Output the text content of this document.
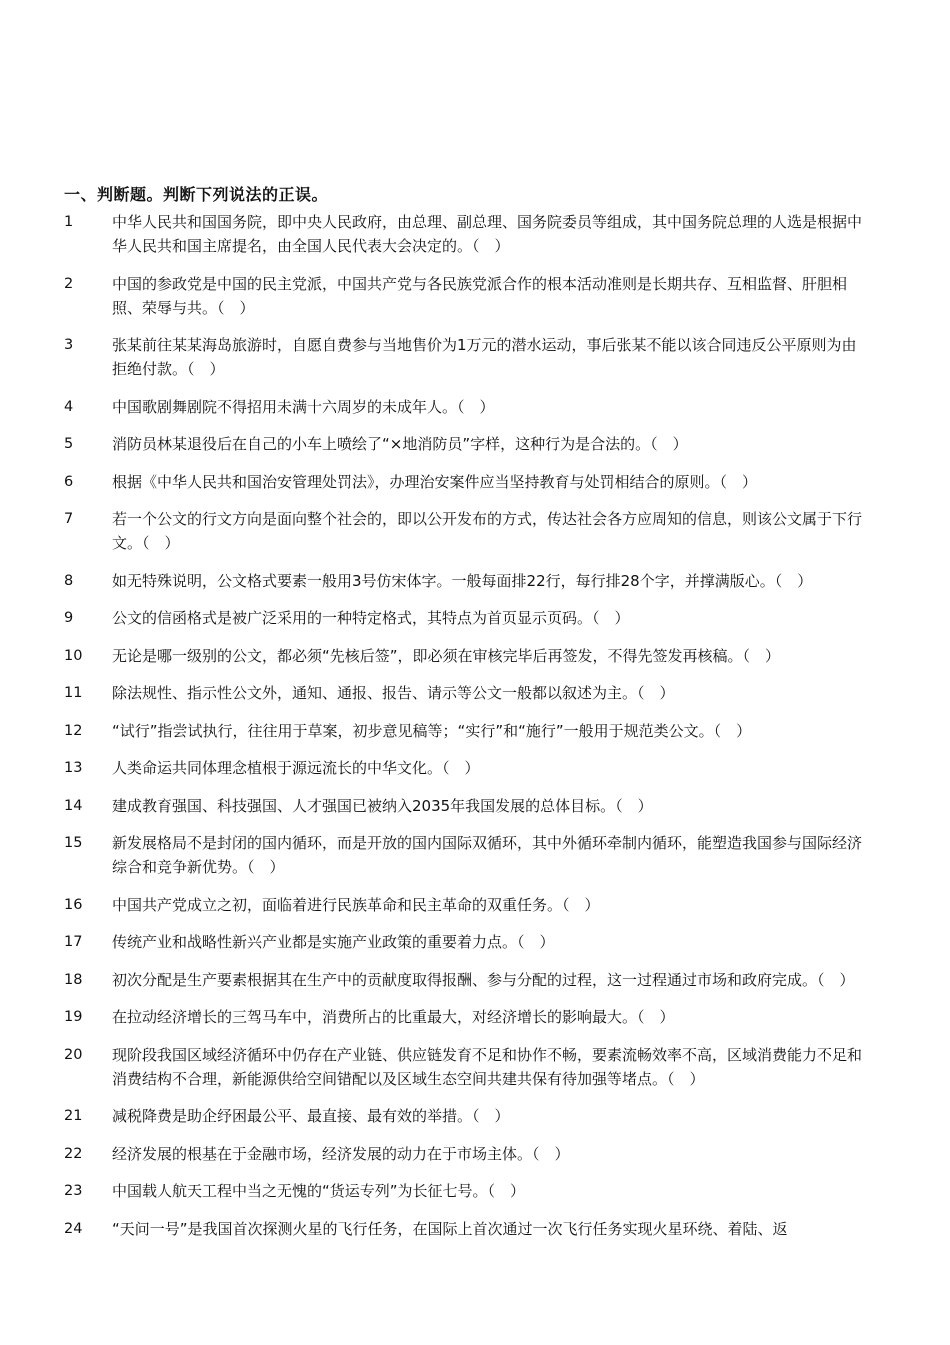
一、判断题。判断下列说法的正误。
1	中华人民共和国国务院，即中央人民政府，由总理、副总理、国务院委员等组成，其中国务院总理的人选是根据中华人民共和国主席提名，由全国人民代表大会决定的。（　）
2	中国的参政党是中国的民主党派，中国共产党与各民族党派合作的根本活动准则是长期共存、互相监督、肝胆相照、荣辱与共。（　）
3	张某前往某某海岛旅游时，自愿自费参与当地售价为1万元的潜水运动，事后张某不能以该合同违反公平原则为由拒绝付款。（　）
4	中国歌剧舞剧院不得招用未满十六周岁的未成年人。（　）
5	消防员林某退役后在自己的小车上喷绘了“×地消防员”字样，这种行为是合法的。（　）
6	根据《中华人民共和国治安管理处罚法》，办理治安案件应当坚持教育与处罚相结合的原则。（　）
7	若一个公文的行文方向是面向整个社会的，即以公开发布的方式，传达社会各方应周知的信息，则该公文属于下行文。（　）
8	如无特殊说明，公文格式要素一般用3号仿宋体字。一般每面排22行，每行排28个字，并撑满版心。（　）
9	公文的信函格式是被广泛采用的一种特定格式，其特点为首页显示页码。（　）
10	无论是哪一级别的公文，都必须“先核后签”，即必须在审核完毕后再签发，不得先签发再核稿。（　）
11	除法规性、指示性公文外，通知、通报、报告、请示等公文一般都以叙述为主。（　）
12	“试行”指尝试执行，往往用于草案，初步意见稿等；“实行”和“施行”一般用于规范类公文。（　）
13	人类命运共同体理念植根于源远流长的中华文化。（　）
14	建成教育强国、科技强国、人才强国已被纳入2035年我国发展的总体目标。（　）
15	新发展格局不是封闭的国内循环，而是开放的国内国际双循环，其中外循环牵制内循环，能塑造我国参与国际经济综合和竞争新优势。（　）
16	中国共产党成立之初，面临着进行民族革命和民主革命的双重任务。（　）
17	传统产业和战略性新兴产业都是实施产业政策的重要着力点。（　）
18	初次分配是生产要素根据其在生产中的贡献度取得报酬、参与分配的过程，这一过程通过市场和政府完成。（　）
19	在拉动经济增长的三驾马车中，消费所占的比重最大，对经济增长的影响最大。（　）
20	现阶段我国区域经济循环中仍存在产业链、供应链发育不足和协作不畅，要素流畅效率不高，区域消费能力不足和消费结构不合理，新能源供给空间错配以及区域生态空间共建共保有待加强等堵点。（　）
21	减税降费是助企纾困最公平、最直接、最有效的举措。（　）
22	经济发展的根基在于金融市场，经济发展的动力在于市场主体。（　）
23	中国载人航天工程中当之无愧的“货运专列”为长征七号。（　）
24	“天问一号”是我国首次探测火星的飞行任务，在国际上首次通过一次飞行任务实现火星环绕、着陆、返
